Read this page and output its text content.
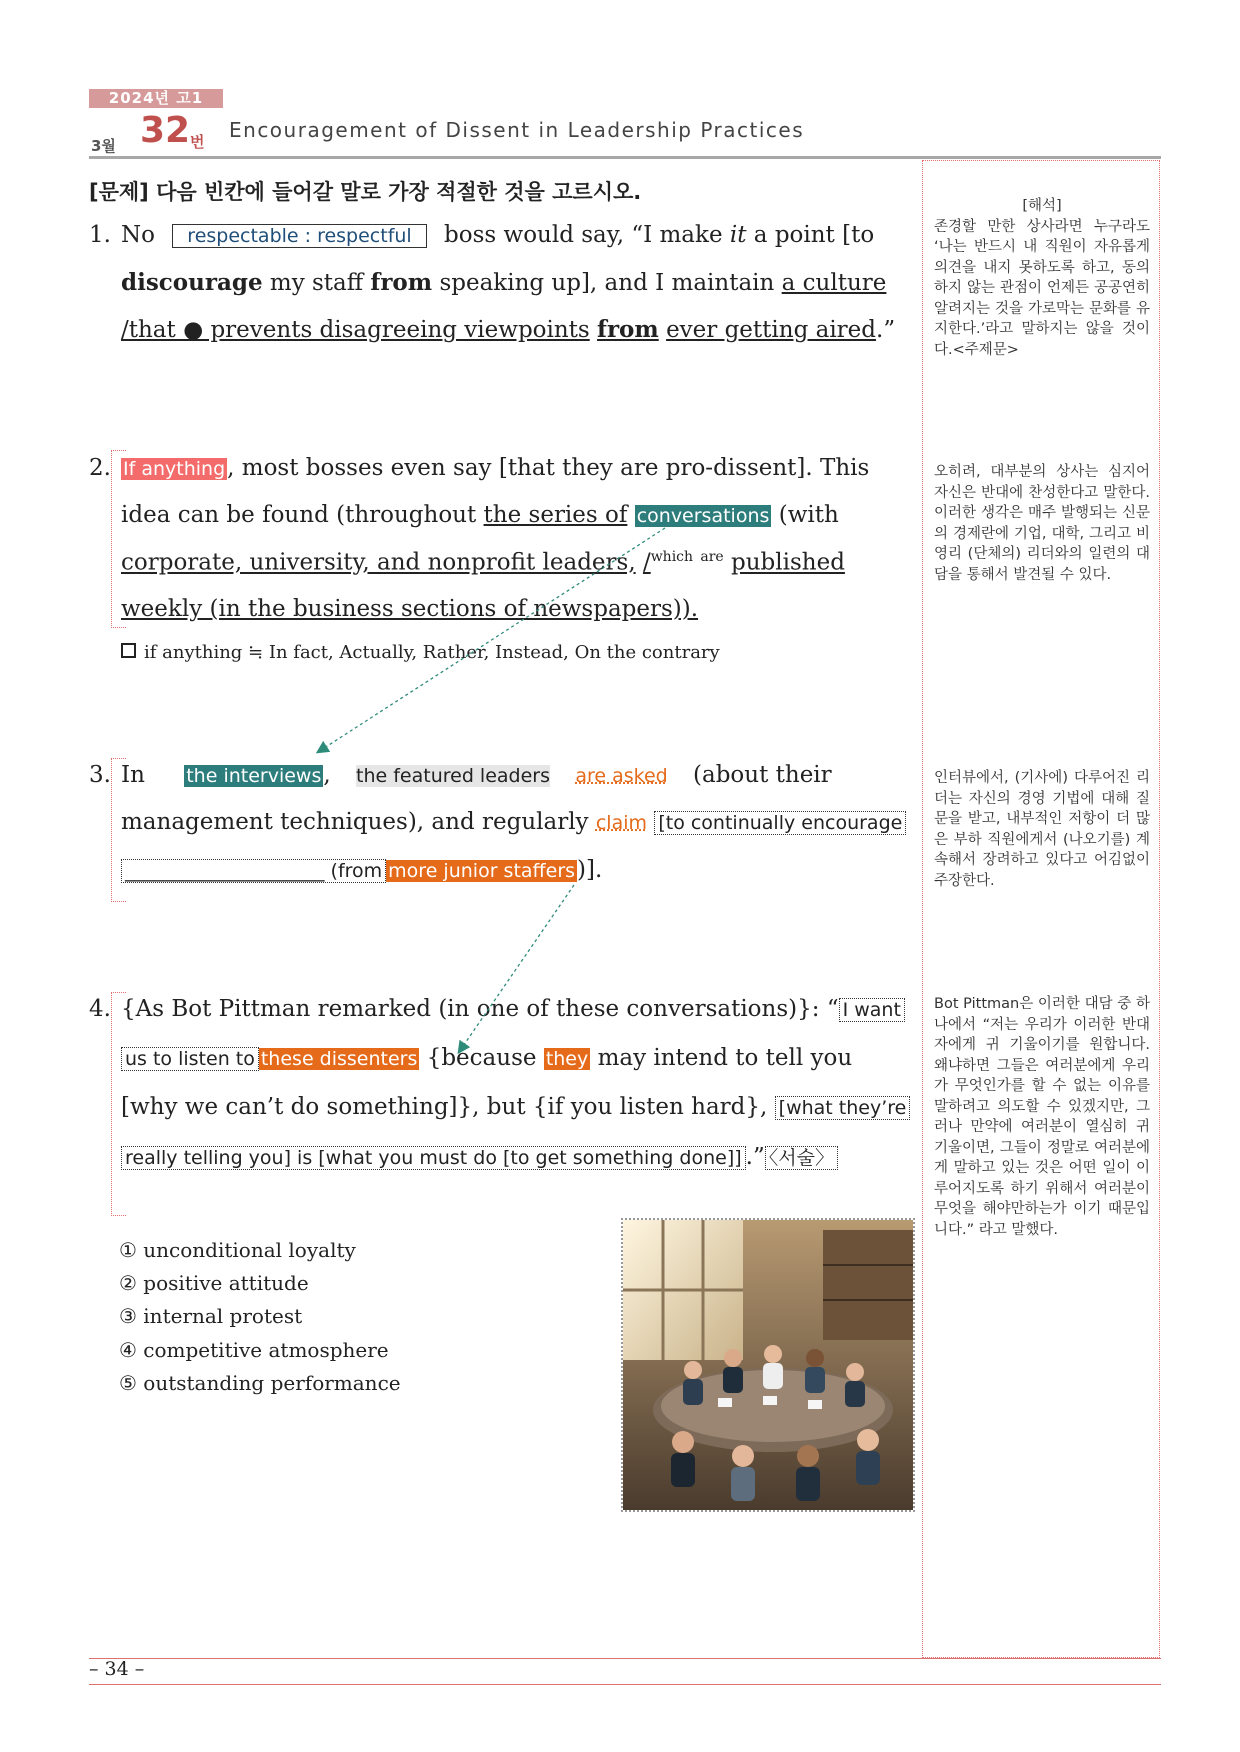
2024년 고1
3월 32 번 Encouragement of Dissent in Leadership Practices
[문제] 다음 빈칸에 들어갈 말로 가장 적절한 것을 고르시오.
1. No respectable : respectful boss would say, “I make it a point [to
discourage my staff from speaking up], and I maintain a culture
/that ● prevents disagreeing viewpoints from ever getting aired.”
[해석]
존경할 만한 상사라면 누구라도 ‘나는 반드시 내 직원이 자유롭게 의견을 내지 못하도록 하고, 동의하지 않는 관점이 언제든 공공연히 알려지는 것을 가로막는 문화를 유지한다.’라고 말하지는 않을 것이다.<주제문>
2. If anything, most bosses even say [that they are pro-dissent]. This
idea can be found (throughout the series of conversations (with
corporate, university, and nonprofit leaders, /$^{which}$ $^{are}$ published
weekly (in the business sections of newspapers)).
if anything ≒ In fact, Actually, Rather, Instead, On the contrary
오히려, 대부분의 상사는 심지어 자신은 반대에 찬성한다고 말한다. 이러한 생각은 매주 발행되는 신문의 경제란에 기업, 대학, 그리고 비영리 (단체의) 리더와의 일련의 대담을 통해서 발견될 수 있다.
3. In the interviews, the featured leaders are asked (about their
management techniques), and regularly claim [to continually encourage
_____________________ (from more junior staffers)].
인터뷰에서, (기사에) 다루어진 리더는 자신의 경영 기법에 대해 질문을 받고, 내부적인 저항이 더 많은 부하 직원에게서 (나오기를) 계속해서 장려하고 있다고 어김없이 주장한다.
4. {As Bot Pittman remarked (in one of these conversations)}: “ I want
us to listen to these dissenters {because they may intend to tell you
[why we can’t do something]}, but {if you listen hard}, [what they’re
really telling you] is [what you must do [to get something done]] .” 〈서술〉
Bot Pittman은 이러한 대담 중 하나에서 “저는 우리가 이러한 반대자에게 귀 기울이기를 원합니다. 왜냐하면 그들은 여러분에게 우리가 무엇인가를 할 수 없는 이유를 말하려고 의도할 수 있겠지만, 그러나 만약에 여러분이 열심히 귀 기울이면, 그들이 정말로 여러분에게 말하고 있는 것은 어떤 일이 이루어지도록 하기 위해서 여러분이 무엇을 해야만하는가 이기 때문입니다.” 라고 말했다.
① unconditional loyalty
② positive attitude
③ internal protest
④ competitive atmosphere
⑤ outstanding performance
– 34 –
